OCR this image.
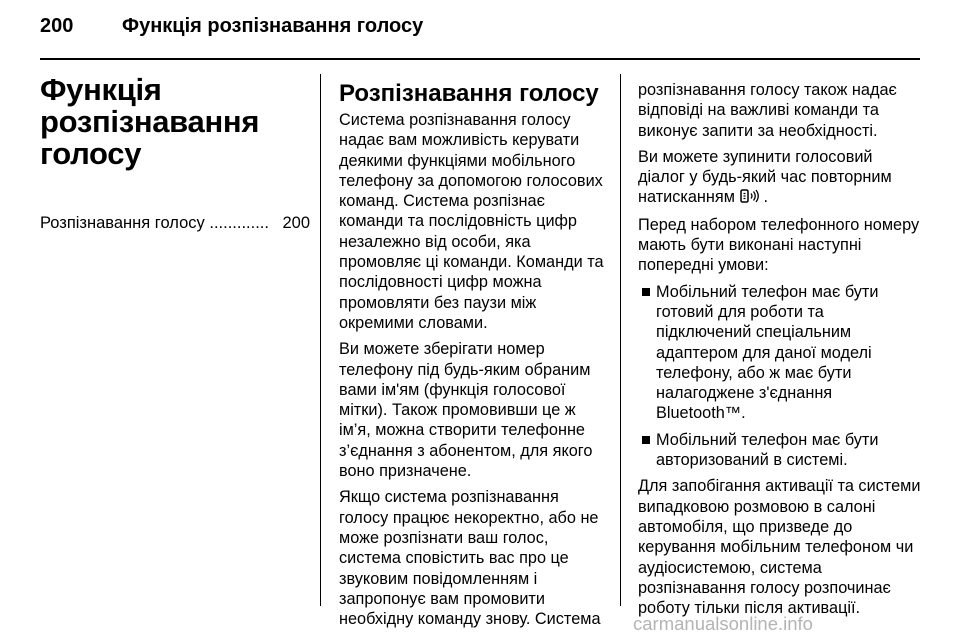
200 Функція розпізнавання голосу
Функція розпізнавання голосу
Розпізнавання голосу
............. 200
Розпізнавання голосу

Система розпізнавання голосу надає вам можливість керувати деякими функціями мобільного телефону за допомогою голосових команд. Система розпізнає команди та послідовність цифр незалежно від особи, яка промовляє ці команди. Команди та послідовності цифр можна промовляти без паузи між окремими словами.

Ви можете зберігати номер телефону під будь-яким обраним вами ім'ям (функція голосової мітки). Також промовивши це ж ім’я, можна створити телефонне з’єднання з абонентом, для якого воно призначене.

Якщо система розпізнавання голосу працює некоректно, або не може розпізнати ваш голос, система сповістить вас про це звуковим повідомленням і запропонує вам промовити необхідну команду знову. Система

розпізнавання голосу також надає відповіді на важливі команди та виконує запити за необхідності.

Ви можете зупинити голосовий діалог у будь-який час повторним натисканням .

Перед набором телефонного номеру мають бути виконані наступні попередні умови:

Мобільний телефон має бути готовий для роботи та підключений спеціальним адаптером для даної моделі телефону, або ж має бути налагоджене з'єднання Bluetooth™.
Мобільний телефон має бути авторизований в системі.

Для запобігання активації та системи випадковою розмовою в салоні автомобіля, що призведе до керування мобільним телефоном чи аудіосистемою, система розпізнавання голосу розпочинає роботу тільки після активації.

carmanualsonline.info
